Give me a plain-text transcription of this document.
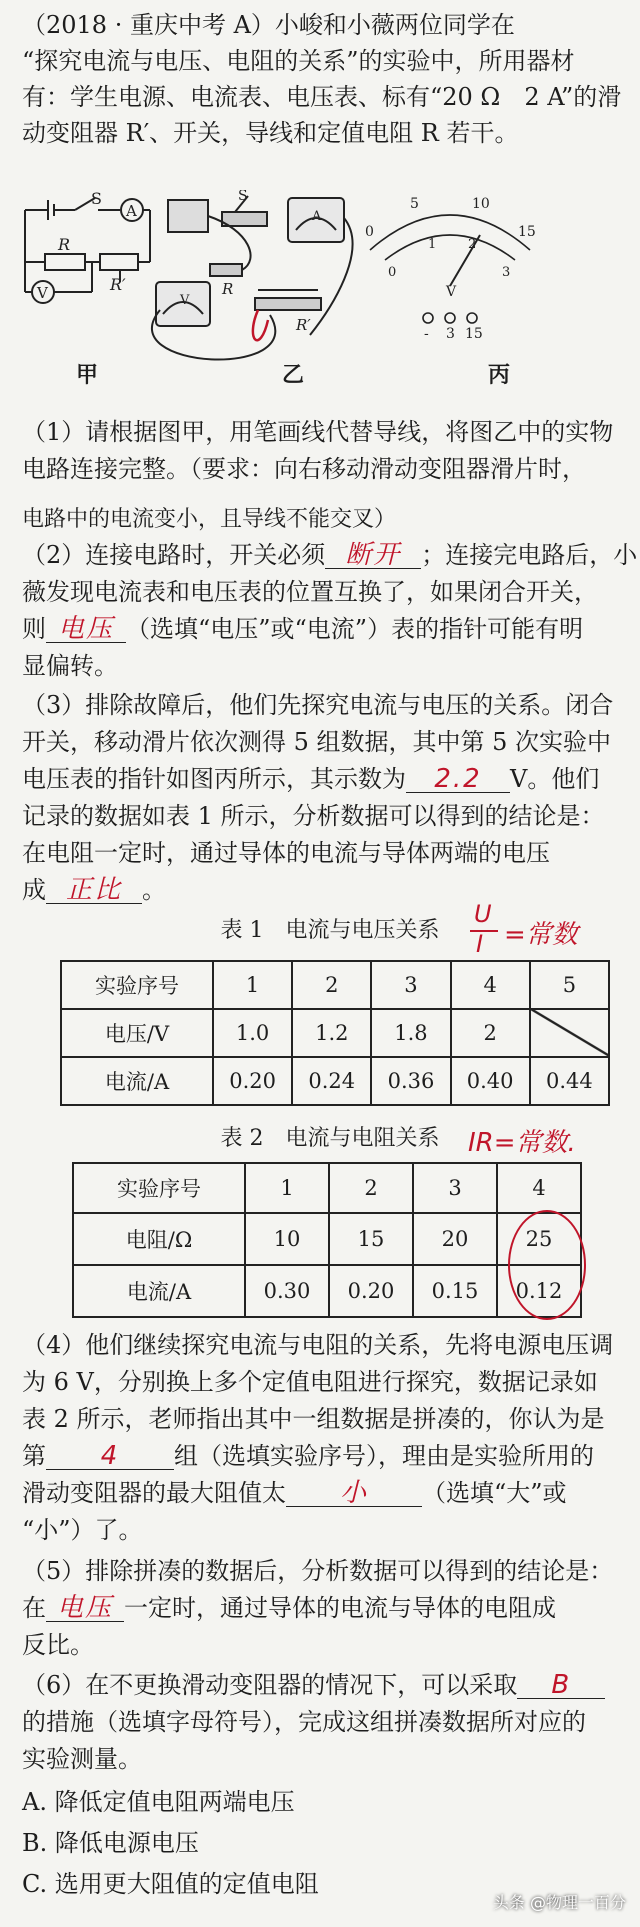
（2018 · 重庆中考 A）小峻和小薇两位同学在
“探究电流与电压、电阻的关系”的实验中，所用器材
有：学生电源、电流表、电压表、标有“20 Ω　2 A”的滑
动变阻器 R′、开关，导线和定值电阻 R 若干。
S
A
R
R′
V
S
A
V
R
R′
0
5	10
15
0
1 2
3
V
- 3 15
甲	乙	丙
（1）请根据图甲，用笔画线代替导线，将图乙中的实物
电路连接完整。（要求：向右移动滑动变阻器滑片时，
电路中的电流变小，且导线不能交叉）
（2）连接电路时，开关必须 断开 ；连接完电路后，小
薇发现电流表和电压表的位置互换了，如果闭合开关，
则 电压 （选填“电压”或“电流”）表的指针可能有明
显偏转。
（3）排除故障后，他们先探究电流与电压的关系。闭合
开关，移动滑片依次测得 5 组数据，其中第 5 次实验中
电压表的指针如图丙所示，其示数为 2.2 V。他们
记录的数据如表 1 所示，分析数据可以得到的结论是：
在电阻一定时，通过导体的电流与导体两端的电压
成 正比 。
表 1　电流与电压关系
U
I =常数
实验序号	1	2	3	4	5
电压/V	1.0	1.2	1.8	2	
电流/A	0.20	0.24	0.36	0.40	0.44
表 2　电流与电阻关系	IR=常数.
实验序号	1	2	3	4
电阻/Ω	10	15	20	25
电流/A	0.30	0.20	0.15	0.12
（4）他们继续探究电流与电阻的关系，先将电源电压调
为 6 V，分别换上多个定值电阻进行探究，数据记录如
表 2 所示，老师指出其中一组数据是拼凑的，你认为是
第 4 组（选填实验序号），理由是实验所用的
滑动变阻器的最大阻值太 小 （选填“大”或
“小”）了。
（5）排除拼凑的数据后，分析数据可以得到的结论是：
在 电压 一定时，通过导体的电流与导体的电阻成
反比。
（6）在不更换滑动变阻器的情况下，可以采取 B
的措施（选填字母符号），完成这组拼凑数据所对应的
实验测量。
A. 降低定值电阻两端电压
B. 降低电源电压
C. 选用更大阻值的定值电阻
头条 @物理一百分
